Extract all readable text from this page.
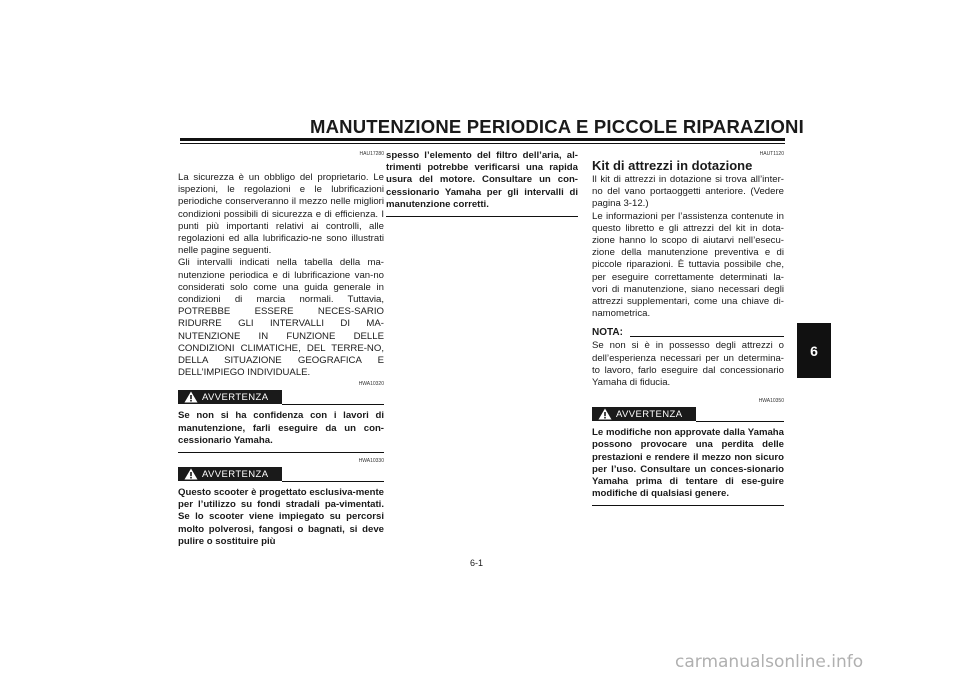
MANUTENZIONE PERIODICA E PICCOLE RIPARAZIONI
6
HAU17280

La sicurezza è un obbligo del proprietario. Le ispezioni, le regolazioni e le lubrificazioni periodiche conserveranno il mezzo nelle migliori condizioni possibili di sicurezza e di efficienza. I punti più importanti relativi ai controlli, alle regolazioni ed alla lubrificazio-ne sono illustrati nelle pagine seguenti.

Gli intervalli indicati nella tabella della ma-nutenzione periodica e di lubrificazione van-no considerati solo come una guida generale in condizioni di marcia normali. Tuttavia, POTREBBE ESSERE NECES-SARIO RIDURRE GLI INTERVALLI DI MA-NUTENZIONE IN FUNZIONE DELLE CONDIZIONI CLIMATICHE, DEL TERRE-NO, DELLA SITUAZIONE GEOGRAFICA E DELL’IMPIEGO INDIVIDUALE.

HWA10320
AVVERTENZA

Se non si ha confidenza con i lavori di manutenzione, farli eseguire da un con-cessionario Yamaha.

HWA10330
AVVERTENZA

Questo scooter è progettato esclusiva-mente per l’utilizzo su fondi stradali pa-vimentati. Se lo scooter viene impiegato su percorsi molto polverosi, fangosi o bagnati, si deve pulire o sostituire più

spesso l’elemento del filtro dell’aria, al-trimenti potrebbe verificarsi una rapida usura del motore. Consultare un con-cessionario Yamaha per gli intervalli di manutenzione corretti.

HAUT1120
Kit di attrezzi in dotazione

Il kit di attrezzi in dotazione si trova all’inter-no del vano portaoggetti anteriore. (Vedere pagina 3-12.)

Le informazioni per l’assistenza contenute in questo libretto e gli attrezzi del kit in dota-zione hanno lo scopo di aiutarvi nell’esecu-zione della manutenzione preventiva e di piccole riparazioni. È tuttavia possibile che, per eseguire correttamente determinati la-vori di manutenzione, siano necessari degli attrezzi supplementari, come una chiave di-namometrica.

NOTA:

Se non si è in possesso degli attrezzi o dell’esperienza necessari per un determina-to lavoro, farlo eseguire dal concessionario Yamaha di fiducia.

HWA10350
AVVERTENZA

Le modifiche non approvate dalla Yamaha possono provocare una perdita delle prestazioni e rendere il mezzo non sicuro per l’uso. Consultare un conces-sionario Yamaha prima di tentare di ese-guire modifiche di qualsiasi genere.

6-1
carmanualsonline.info
